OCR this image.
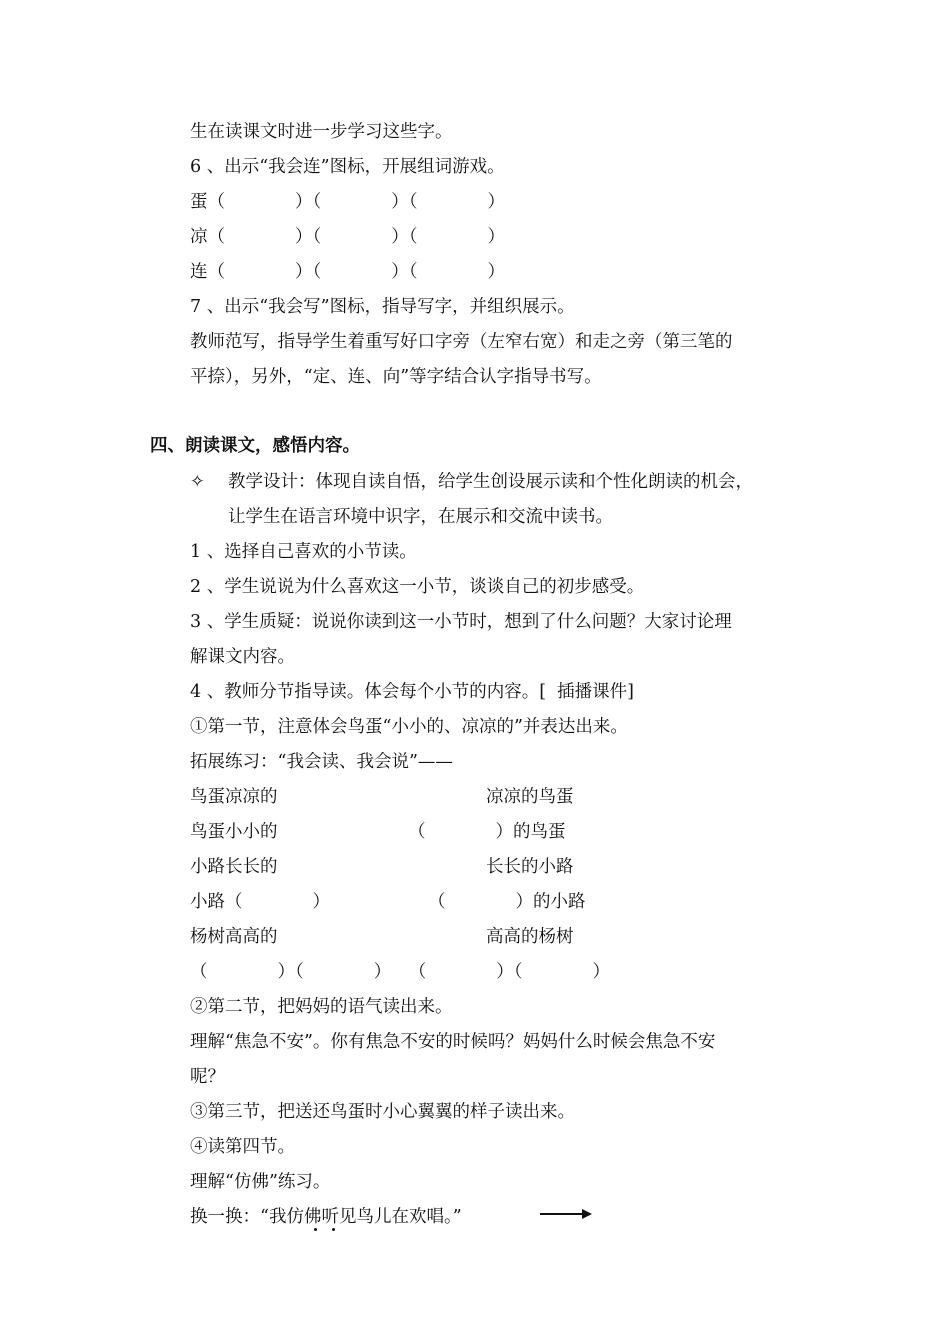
生在读课文时进一步学习这些字。
6 、出示“我会连”图标，开展组词游戏。
蛋（　　　　）（　　　　）（　　　　）
凉（　　　　）（　　　　）（　　　　）
连（　　　　）（　　　　）（　　　　）
7 、出示“我会写”图标，指导写字，并组织展示。
教师范写，指导学生着重写好口字旁（左窄右宽）和走之旁（第三笔的
平捺），另外，“定、连、向”等字结合认字指导书写。
四、朗读课文，感悟内容。
✧ 教学设计：体现自读自悟，给学生创设展示读和个性化朗读的机会，
让学生在语言环境中识字，在展示和交流中读书。
1 、选择自己喜欢的小节读。
2 、学生说说为什么喜欢这一小节，谈谈自己的初步感受。
3 、学生质疑：说说你读到这一小节时，想到了什么问题？大家讨论理
解课文内容。
4 、教师分节指导读。体会每个小节的内容。[  插播课件]
①第一节，注意体会鸟蛋“小小的、凉凉的”并表达出来。
拓展练习：“我会读、我会说”——
鸟蛋凉凉的	凉凉的鸟蛋
鸟蛋小小的	（　　　　）的鸟蛋
小路长长的	长长的小路
小路（　　　　）	（　　　　）的小路
杨树高高的	高高的杨树
（　　　　）（　　　　）　　（　　　　）（　　　　）
②第二节，把妈妈的语气读出来。
理解“焦急不安”。你有焦急不安的时候吗？妈妈什么时候会焦急不安
呢？
③第三节，把送还鸟蛋时小心翼翼的样子读出来。
④读第四节。
理解“仿佛”练习。
换一换：“我仿佛听见鸟儿在欢唱。”
